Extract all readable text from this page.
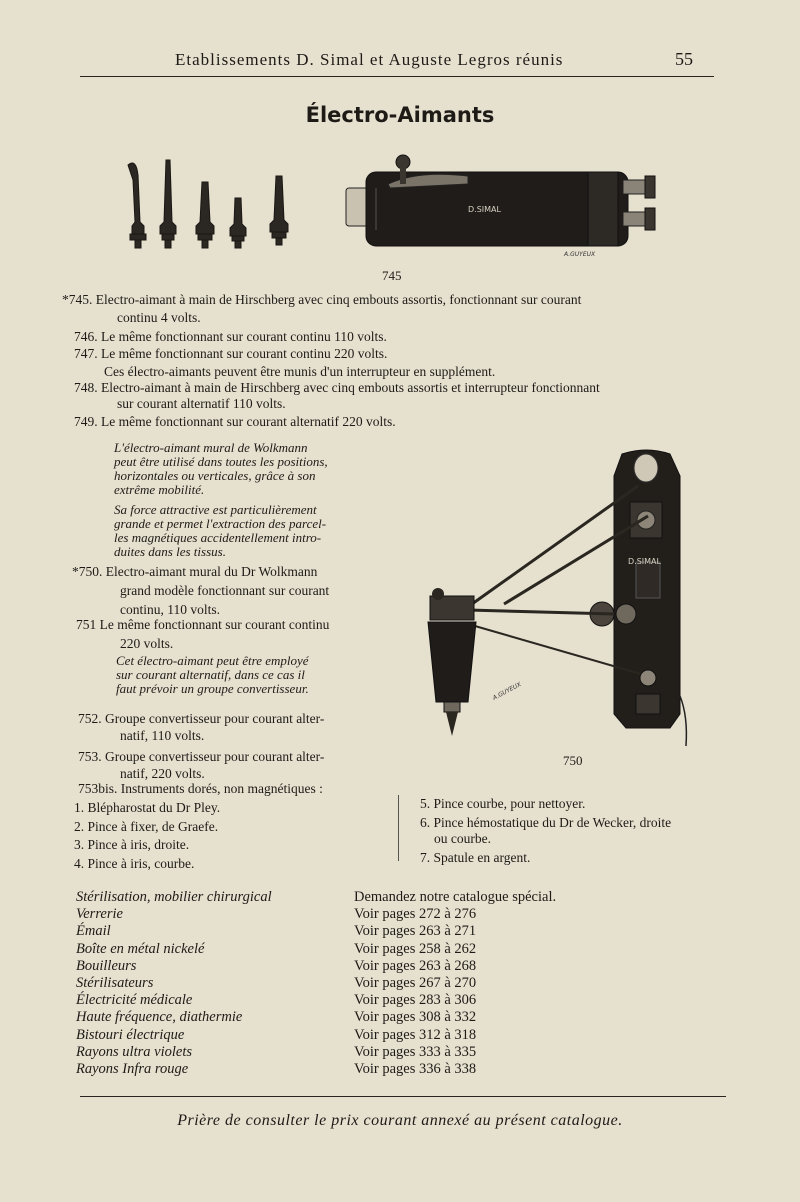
Etablissements D. Simal et Auguste Legros réunis	55
Électro-Aimants
D.SIMAL
A.GUYEUX
745
*745. Electro-aimant à main de Hirschberg avec cinq embouts assortis, fonctionnant sur courant
continu 4 volts.
746. Le même fonctionnant sur courant continu 110 volts.
747. Le même fonctionnant sur courant continu 220 volts.
Ces électro-aimants peuvent être munis d'un interrupteur en supplément.
748. Electro-aimant à main de Hirschberg avec cinq embouts assortis et interrupteur fonctionnant
sur courant alternatif 110 volts.
749. Le même fonctionnant sur courant alternatif 220 volts.

L'électro-aimant mural de Wolkmann
peut être utilisé dans toutes les positions,
horizontales ou verticales, grâce à son
extrême mobilité.

Sa force attractive est particulièrement
grande et permet l'extraction des parcel-
les magnétiques accidentellement intro-
duites dans les tissus.

*750. Electro-aimant mural du Dr Wolkmann
grand modèle fonctionnant sur courant
continu, 110 volts.
751 Le même fonctionnant sur courant continu
220 volts.
Cet électro-aimant peut être employé
sur courant alternatif, dans ce cas il
faut prévoir un groupe convertisseur.
752. Groupe convertisseur pour courant alter-
natif, 110 volts.
753. Groupe convertisseur pour courant alter-
natif, 220 volts.
D.SIMAL
A.GUYEUX
750
753bis. Instruments dorés, non magnétiques :
1. Blépharostat du Dr Pley.
2. Pince à fixer, de Graefe.
3. Pince à iris, droite.
4. Pince à iris, courbe.
5. Pince courbe, pour nettoyer.
6. Pince hémostatique du Dr de Wecker, droite
ou courbe.
7. Spatule en argent.
Stérilisation, mobilier chirurgical	Demandez notre catalogue spécial.
Verrerie	Voir pages 272 à 276
Émail	Voir pages 263 à 271
Boîte en métal nickelé	Voir pages 258 à 262
Bouilleurs	Voir pages 263 à 268
Stérilisateurs	Voir pages 267 à 270
Électricité médicale	Voir pages 283 à 306
Haute fréquence, diathermie	Voir pages 308 à 332
Bistouri électrique	Voir pages 312 à 318
Rayons ultra violets	Voir pages 333 à 335
Rayons Infra rouge	Voir pages 336 à 338
Prière de consulter le prix courant annexé au présent catalogue.
